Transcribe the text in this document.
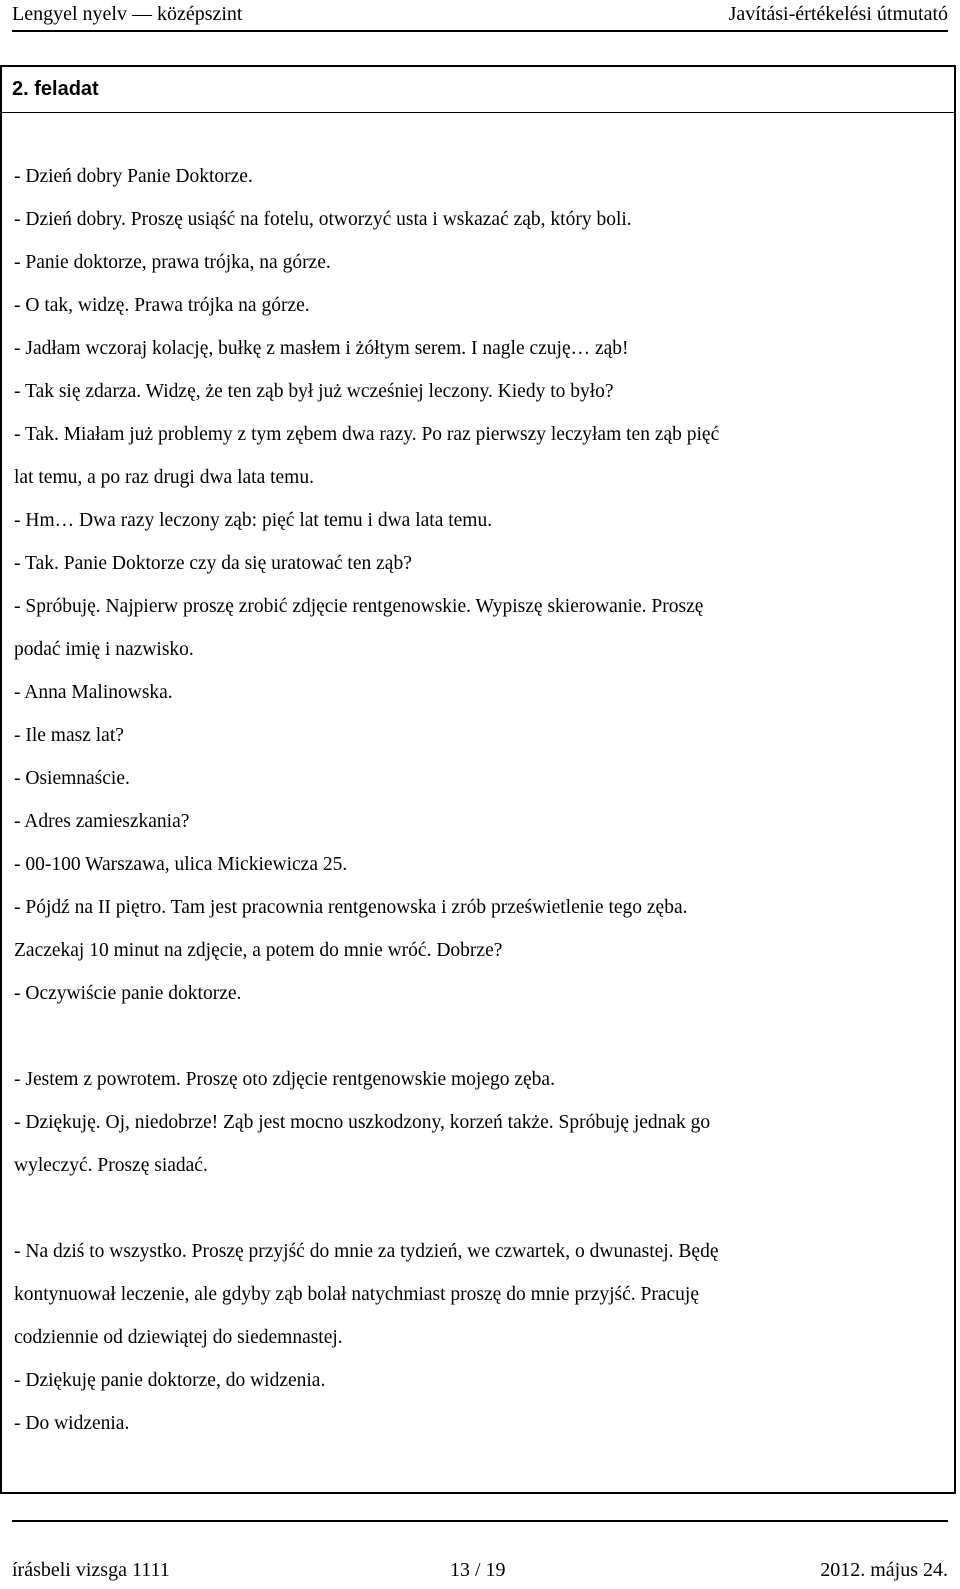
Lengyel nyelv — középszint	Javítási-értékelési útmutató
2. feladat
- Dzień dobry Panie Doktorze.
- Dzień dobry. Proszę usiąść na fotelu, otworzyć usta i wskazać ząb, który boli.
- Panie doktorze, prawa trójka, na górze.
- O tak, widzę. Prawa trójka na górze.
- Jadłam wczoraj kolację, bułkę z masłem i żółtym serem. I nagle czuję… ząb!
- Tak się zdarza. Widzę, że ten ząb był już wcześniej leczony. Kiedy to było?
- Tak. Miałam już problemy z tym zębem dwa razy. Po raz pierwszy leczyłam ten ząb pięć
lat temu, a po raz drugi dwa lata temu.
- Hm… Dwa razy leczony ząb: pięć lat temu i dwa lata temu.
- Tak. Panie Doktorze czy da się uratować ten ząb?
- Spróbuję. Najpierw proszę zrobić zdjęcie rentgenowskie. Wypiszę skierowanie. Proszę
podać imię i nazwisko.
- Anna Malinowska.
- Ile masz lat?
- Osiemnaście.
- Adres zamieszkania?
- 00-100 Warszawa, ulica Mickiewicza 25.
- Pójdź na II piętro. Tam jest pracownia rentgenowska i zrób prześwietlenie tego zęba.
Zaczekaj 10 minut na zdjęcie, a potem do mnie wróć. Dobrze?
- Oczywiście panie doktorze.
- Jestem z powrotem. Proszę oto zdjęcie rentgenowskie mojego zęba.
- Dziękuję. Oj, niedobrze! Ząb jest mocno uszkodzony, korzeń także. Spróbuję jednak go
wyleczyć. Proszę siadać.
- Na dziś to wszystko. Proszę przyjść do mnie za tydzień, we czwartek, o dwunastej. Będę
kontynuował leczenie, ale gdyby ząb bolał natychmiast proszę do mnie przyjść. Pracuję
codziennie od dziewiątej do siedemnastej.
- Dziękuję panie doktorze, do widzenia.
- Do widzenia.
írásbeli vizsga 1111	13 / 19	2012. május 24.
